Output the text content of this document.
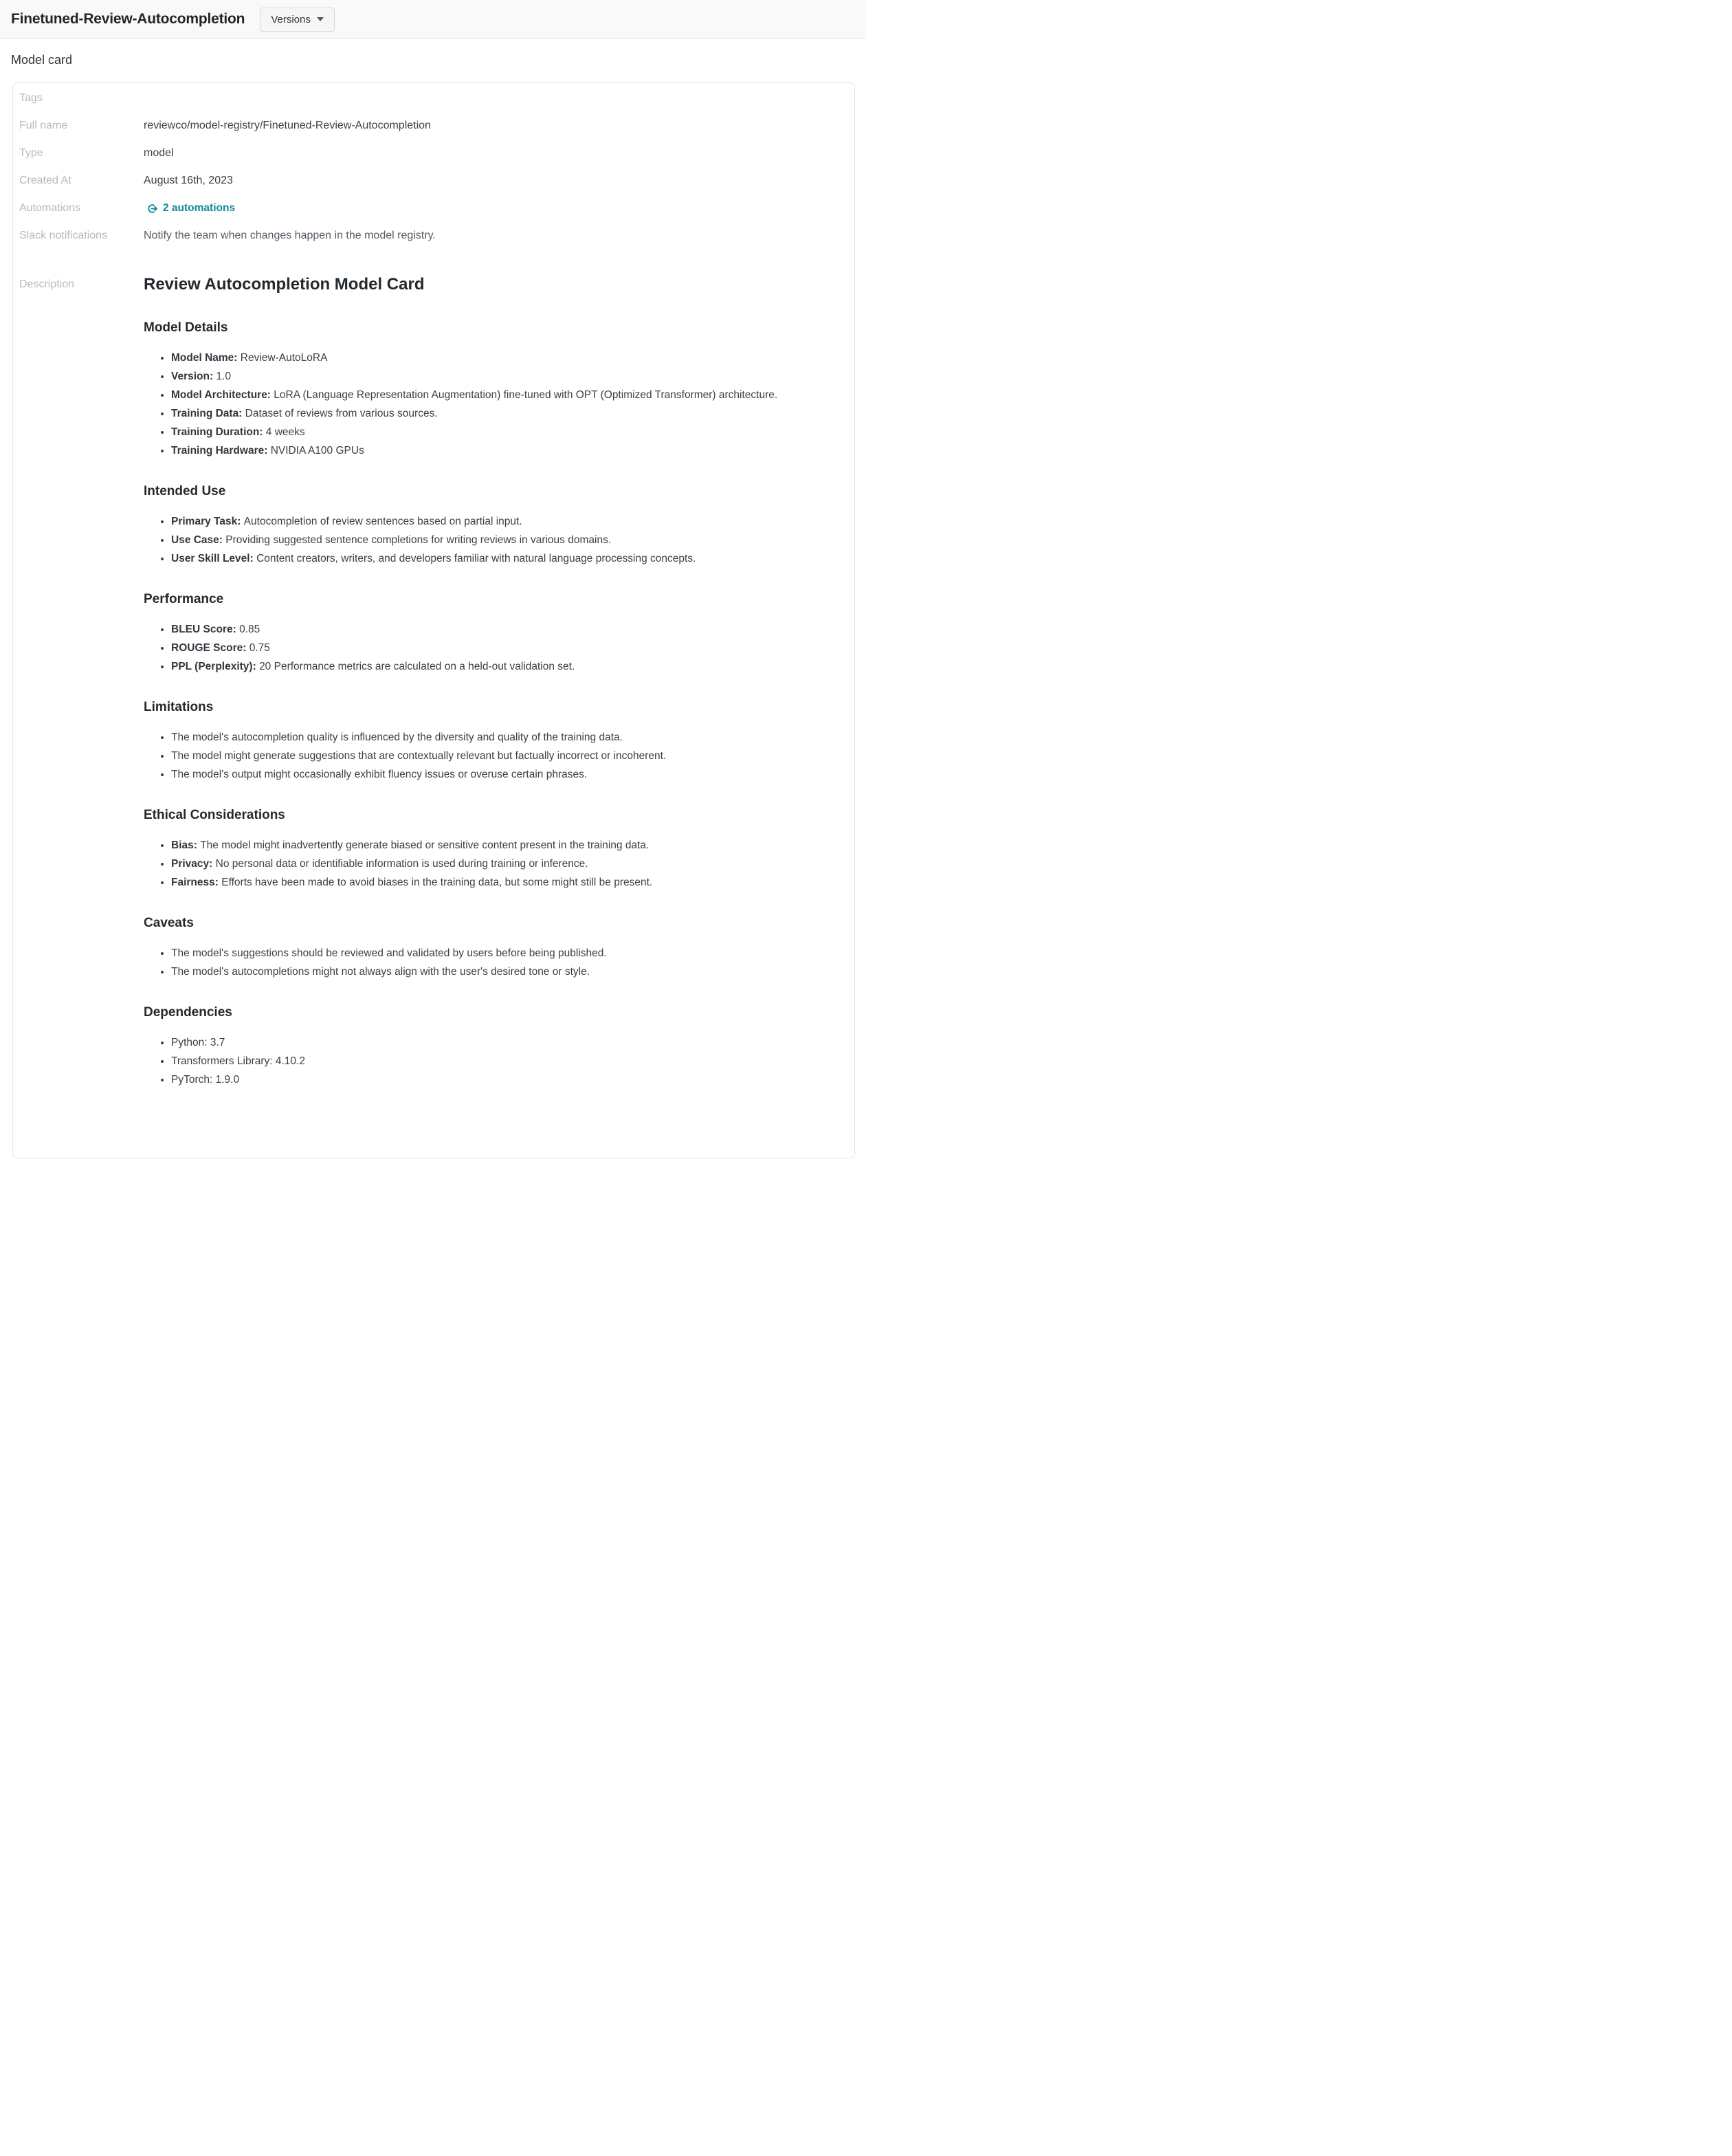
Finetuned-Review-Autocompletion	Versions
Model card
Tags
Full name	reviewco/model-registry/Finetuned-Review-Autocompletion
Type	model
Created At	August 16th, 2023
Automations	2 automations
Slack notifications	Notify the team when changes happen in the model registry.
Description	Review Autocompletion Model Card
Model Details
• Model Name: Review-AutoLoRA
• Version: 1.0
• Model Architecture: LoRA (Language Representation Augmentation) fine-tuned with OPT (Optimized Transformer) architecture.
• Training Data: Dataset of reviews from various sources.
• Training Duration: 4 weeks
• Training Hardware: NVIDIA A100 GPUs
Intended Use
• Primary Task: Autocompletion of review sentences based on partial input.
• Use Case: Providing suggested sentence completions for writing reviews in various domains.
• User Skill Level: Content creators, writers, and developers familiar with natural language processing concepts.
Performance
• BLEU Score: 0.85
• ROUGE Score: 0.75
• PPL (Perplexity): 20 Performance metrics are calculated on a held-out validation set.
Limitations
• The model's autocompletion quality is influenced by the diversity and quality of the training data.
• The model might generate suggestions that are contextually relevant but factually incorrect or incoherent.
• The model's output might occasionally exhibit fluency issues or overuse certain phrases.
Ethical Considerations
• Bias: The model might inadvertently generate biased or sensitive content present in the training data.
• Privacy: No personal data or identifiable information is used during training or inference.
• Fairness: Efforts have been made to avoid biases in the training data, but some might still be present.
Caveats
• The model's suggestions should be reviewed and validated by users before being published.
• The model's autocompletions might not always align with the user's desired tone or style.
Dependencies
• Python: 3.7
• Transformers Library: 4.10.2
• PyTorch: 1.9.0
